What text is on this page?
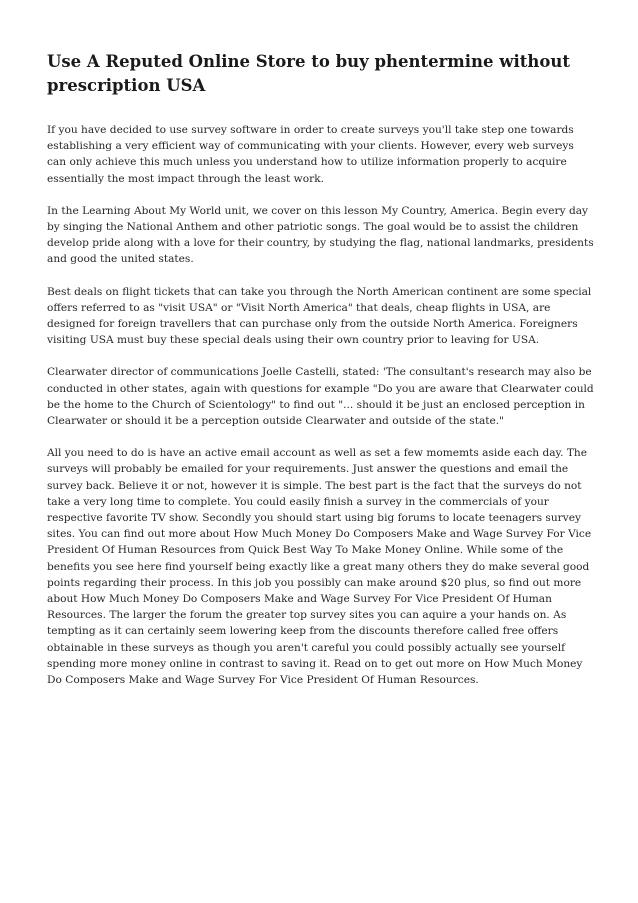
Use A Reputed Online Store to buy phentermine without prescription USA

If you have decided to use survey software in order to create surveys you'll take step one towards establishing a very efficient way of communicating with your clients. However, every web surveys can only achieve this much unless you understand how to utilize information properly to acquire essentially the most impact through the least work.

In the Learning About My World unit, we cover on this lesson My Country, America. Begin every day by singing the National Anthem and other patriotic songs. The goal would be to assist the children develop pride along with a love for their country, by studying the flag, national landmarks, presidents and good the united states.

Best deals on flight tickets that can take you through the North American continent are some special offers referred to as "visit USA" or "Visit North America" that deals, cheap flights in USA, are designed for foreign travellers that can purchase only from the outside North America. Foreigners visiting USA must buy these special deals using their own country prior to leaving for USA.

Clearwater director of communications Joelle Castelli, stated: 'The consultant's research may also be conducted in other states, again with questions for example "Do you are aware that Clearwater could be the home to the Church of Scientology" to find out "... should it be just an enclosed perception in Clearwater or should it be a perception outside Clearwater and outside of the state."

All you need to do is have an active email account as well as set a few momemts aside each day. The surveys will probably be emailed for your requirements. Just answer the questions and email the survey back. Believe it or not, however it is simple. The best part is the fact that the surveys do not take a very long time to complete. You could easily finish a survey in the commercials of your respective favorite TV show. Secondly you should start using big forums to locate teenagers survey sites. You can find out more about How Much Money Do Composers Make and Wage Survey For Vice President Of Human Resources from Quick Best Way To Make Money Online. While some of the benefits you see here find yourself being exactly like a great many others they do make several good points regarding their process. In this job you possibly can make around $20 plus, so find out more about How Much Money Do Composers Make and Wage Survey For Vice President Of Human Resources. The larger the forum the greater top survey sites you can aquire a your hands on. As tempting as it can certainly seem lowering keep from the discounts therefore called free offers obtainable in these surveys as though you aren't careful you could possibly actually see yourself spending more money online in contrast to saving it. Read on to get out more on How Much Money Do Composers Make and Wage Survey For Vice President Of Human Resources.
